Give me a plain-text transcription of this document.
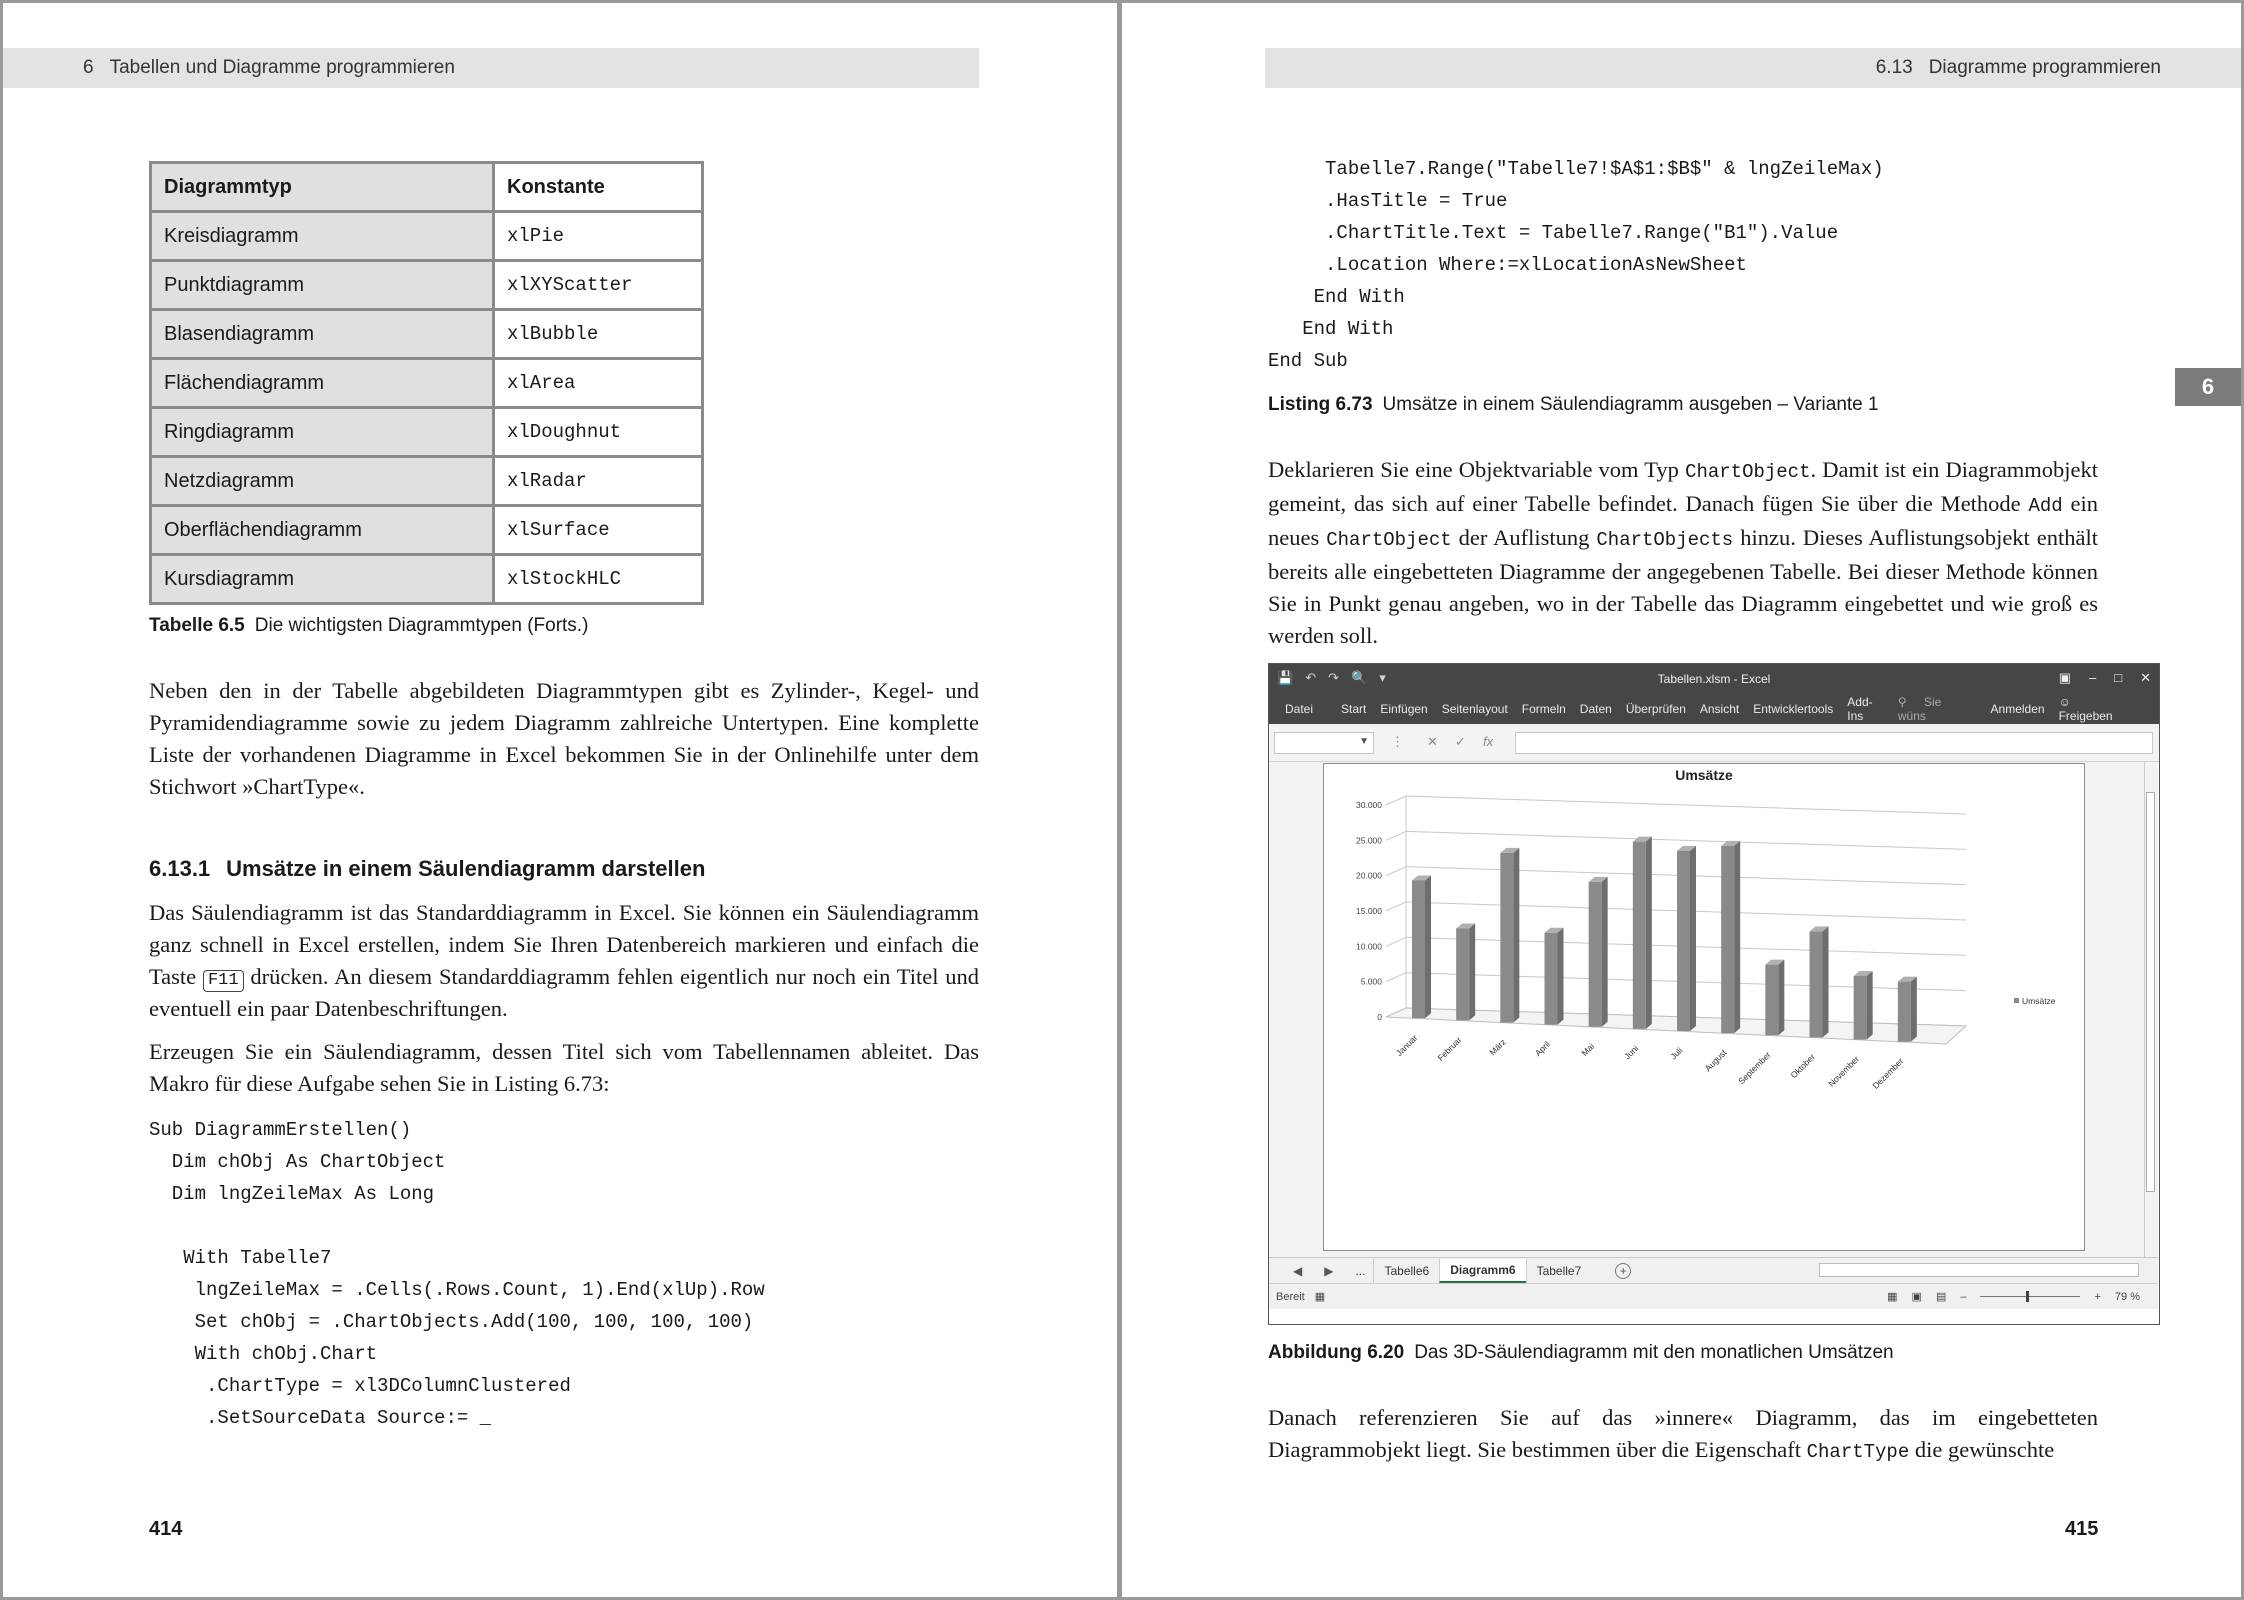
6 Tabellen und Diagramme programmieren
Diagrammtyp	Konstante
Kreisdiagramm	xlPie
Punktdiagramm	xlXYScatter
Blasendiagramm	xlBubble
Flächendiagramm	xlArea
Ringdiagramm	xlDoughnut
Netzdiagramm	xlRadar
Oberflächendiagramm	xlSurface
Kursdiagramm	xlStockHLC
Tabelle 6.5 Die wichtigsten Diagrammtypen (Forts.)

Neben den in der Tabelle abgebildeten Diagrammtypen gibt es Zylinder-, Kegel- und Pyramidendiagramme sowie zu jedem Diagramm zahlreiche Untertypen. Eine komplette Liste der vorhandenen Diagramme in Excel bekommen Sie in der Onlinehilfe unter dem Stichwort »ChartType«.

6.13.1 Umsätze in einem Säulendiagramm darstellen

Das Säulendiagramm ist das Standarddiagramm in Excel. Sie können ein Säulendiagramm ganz schnell in Excel erstellen, indem Sie Ihren Datenbereich markieren und einfach die Taste F11 drücken. An diesem Standarddiagramm fehlen eigentlich nur noch ein Titel und eventuell ein paar Datenbeschriftungen.

Erzeugen Sie ein Säulendiagramm, dessen Titel sich vom Tabellennamen ableitet. Das Makro für diese Aufgabe sehen Sie in Listing 6.73:

Sub DiagrammErstellen()
Dim chObj As ChartObject
Dim lngZeileMax As Long

With Tabelle7
lngZeileMax = .Cells(.Rows.Count, 1).End(xlUp).Row
Set chObj = .ChartObjects.Add(100, 100, 100, 100)
With chObj.Chart
.ChartType = xl3DColumnClustered
.SetSourceData Source:= _
414
6.13 Diagramme programmieren
6
Tabelle7.Range("Tabelle7!$A$1:$B$" & lngZeileMax)
.HasTitle = True
.ChartTitle.Text = Tabelle7.Range("B1").Value
.Location Where:=xlLocationAsNewSheet
End With
End With
End Sub
Listing 6.73 Umsätze in einem Säulendiagramm ausgeben – Variante 1

Deklarieren Sie eine Objektvariable vom Typ ChartObject. Damit ist ein Diagrammobjekt gemeint, das sich auf einer Tabelle befindet. Danach fügen Sie über die Methode Add ein neues ChartObject der Auflistung ChartObjects hinzu. Dieses Auflistungsobjekt enthält bereits alle eingebetteten Diagramme der angegebenen Tabelle. Bei dieser Methode können Sie in Punkt genau angeben, wo in der Tabelle das Diagramm eingebettet und wie groß es werden soll.

Abbildung 6.20 Das 3D-Säulendiagramm mit den monatlichen Umsätzen

Danach referenzieren Sie auf das »innere« Diagramm, das im eingebetteten Diagrammobjekt liegt. Sie bestimmen über die Eigenschaft ChartType die gewünschte

415
💾 ↶ ↷ 🔍 ▾	Tabellen.xlsm - Excel	▣ – □ ✕
Datei Start Einfügen Seitenlayout Formeln Daten Überprüfen Ansicht Entwicklertools Add-Ins
⚲ Sie wüns	Anmelden ☺ Freigeben
▼ ⋮ ✕ ✓ fx
Umsätze
0
5.000
10.000
15.000
20.000
25.000
30.000
Januar Februar	März	April	Mai	Juni	Juli August September Oktober November Dezember
Umsätze
◀ ▶ ...	Tabelle6	Diagramm6	Tabelle7	+
Bereit ▦	▦ ▣ ▤ –	+ 79 %
